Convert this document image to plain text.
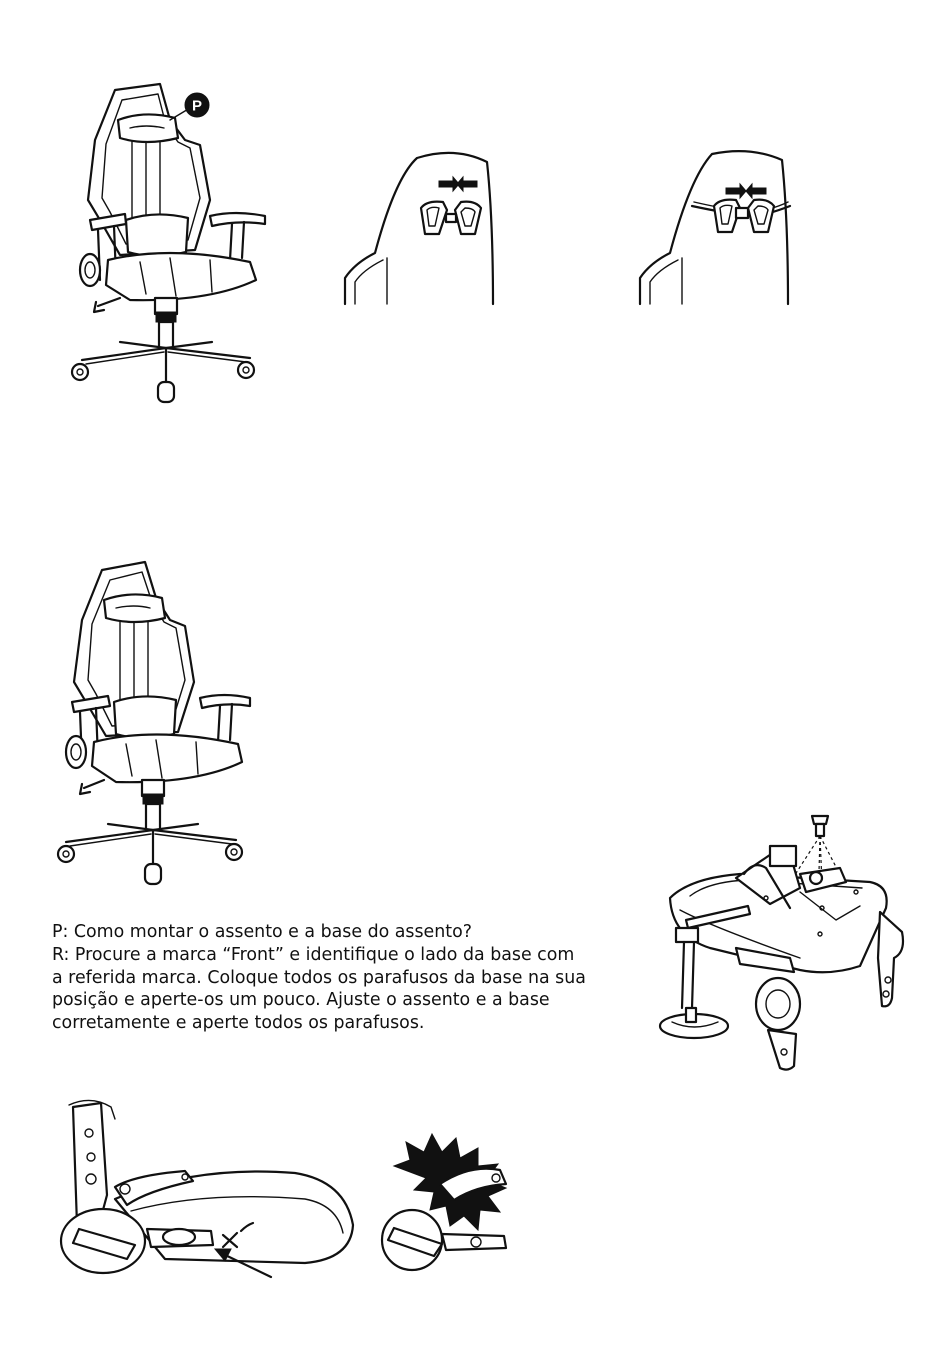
P

P: Como montar o assento e a base do assento?

R: Procure a marca “Front” e identifique o lado da base com

a referida marca. Coloque todos os parafusos da base na sua

posição e aperte-os um pouco. Ajuste o assento e a base

corretamente e aperte todos os parafusos.
